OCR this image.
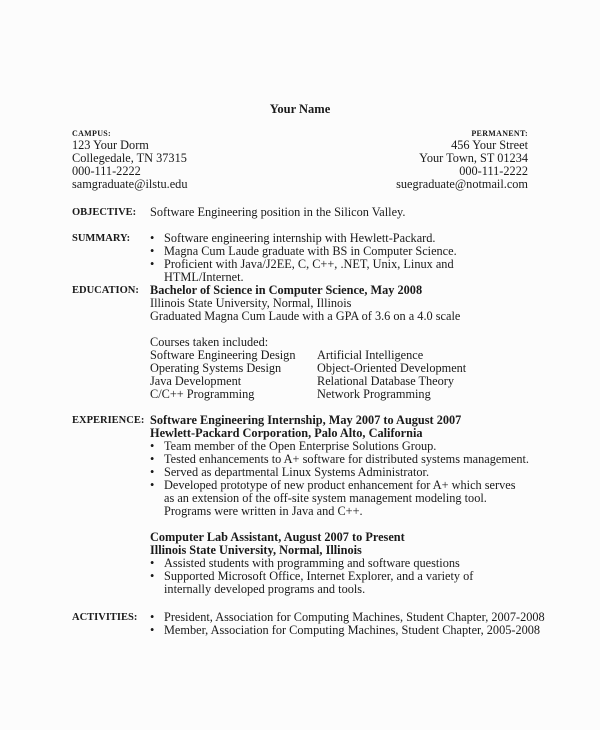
Your Name
CAMPUS:
123 Your Dorm
Collegedale, TN 37315
000-111-2222
samgraduate@ilstu.edu
PERMANENT:
456 Your Street
Your Town, ST 01234
000-111-2222
suegraduate@notmail.com
OBJECTIVE: Software Engineering position in the Silicon Valley.
SUMMARY:	• Software engineering internship with Hewlett-Packard.
• Magna Cum Laude graduate with BS in Computer Science.
• Proficient with Java/J2EE, C, C++, .NET, Unix, Linux and HTML/Internet.
EDUCATION: Bachelor of Science in Computer Science, May 2008
Illinois State University, Normal, Illinois
Graduated Magna Cum Laude with a GPA of 3.6 on a 4.0 scale
Courses taken included:
Software Engineering Design	Artificial Intelligence
Operating Systems Design	Object-Oriented Development
Java Development	Relational Database Theory
C/C++ Programming	Network Programming
EXPERIENCE: Software Engineering Internship, May 2007 to August 2007
Hewlett-Packard Corporation, Palo Alto, California
• Team member of the Open Enterprise Solutions Group.
• Tested enhancements to A+ software for distributed systems management.
• Served as departmental Linux Systems Administrator.
• Developed prototype of new product enhancement for A+ which serves as an extension of the off-site system management modeling tool. Programs were written in Java and C++.
Computer Lab Assistant, August 2007 to Present
Illinois State University, Normal, Illinois
• Assisted students with programming and software questions
• Supported Microsoft Office, Internet Explorer, and a variety of internally developed programs and tools.
ACTIVITIES:	• President, Association for Computing Machines, Student Chapter, 2007-2008
• Member, Association for Computing Machines, Student Chapter, 2005-2008
